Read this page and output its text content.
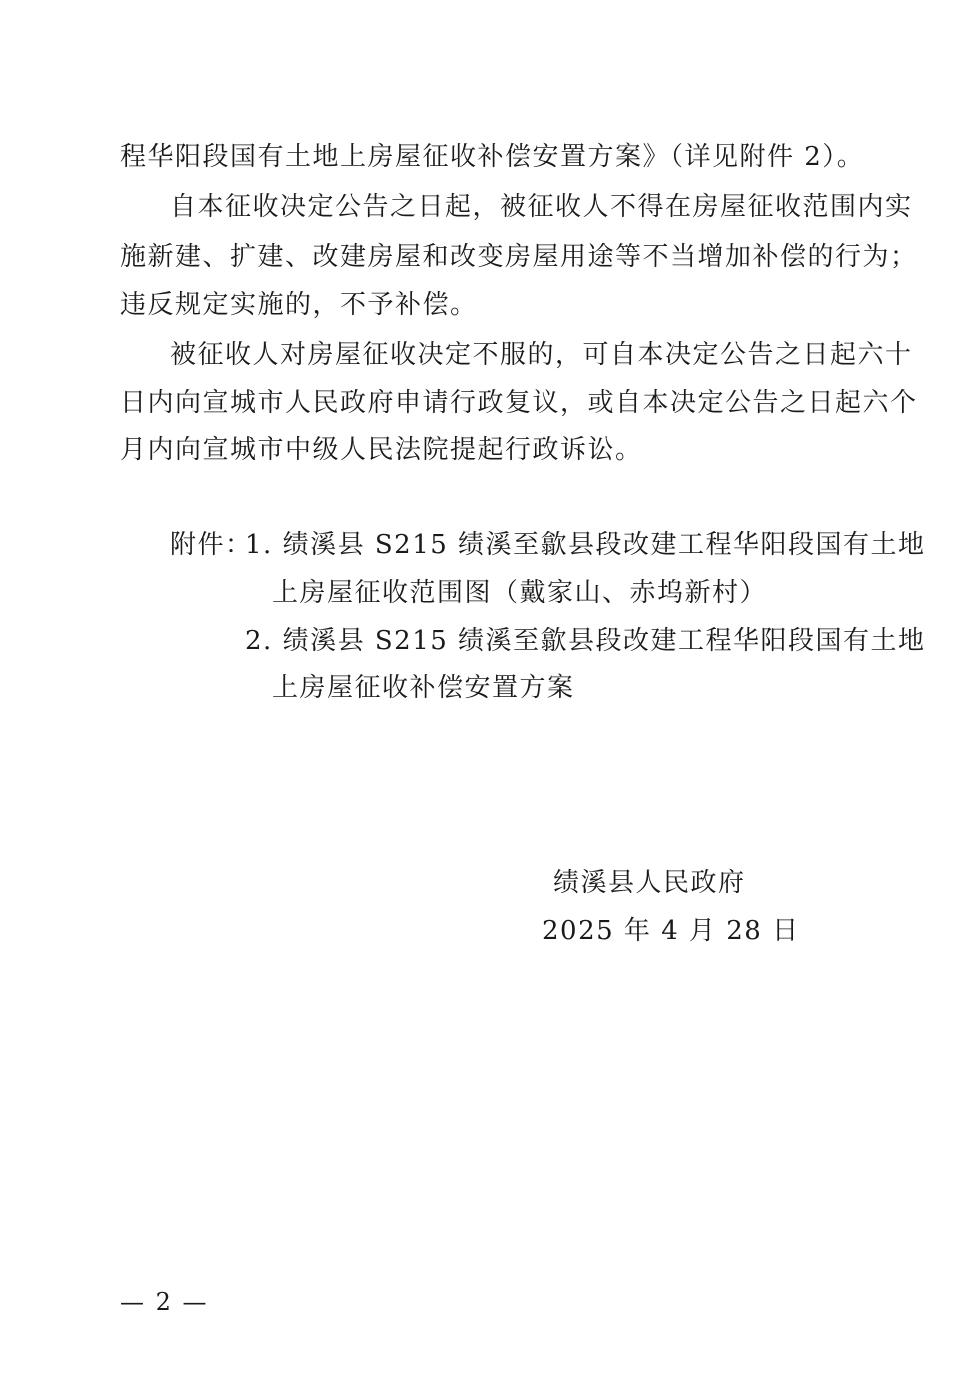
程华阳段国有土地上房屋征收补偿安置方案》（详见附件 2）。
自本征收决定公告之日起，被征收人不得在房屋征收范围内实
施新建、扩建、改建房屋和改变房屋用途等不当增加补偿的行为；
违反规定实施的，不予补偿。
被征收人对房屋征收决定不服的，可自本决定公告之日起六十
日内向宣城市人民政府申请行政复议，或自本决定公告之日起六个
月内向宣城市中级人民法院提起行政诉讼。
附件：
1. 绩溪县 S215 绩溪至歙县段改建工程华阳段国有土地
上房屋征收范围图（戴家山、赤坞新村）
2. 绩溪县 S215 绩溪至歙县段改建工程华阳段国有土地
上房屋征收补偿安置方案
绩溪县人民政府
2025 年 4 月 28 日
— 2 —
